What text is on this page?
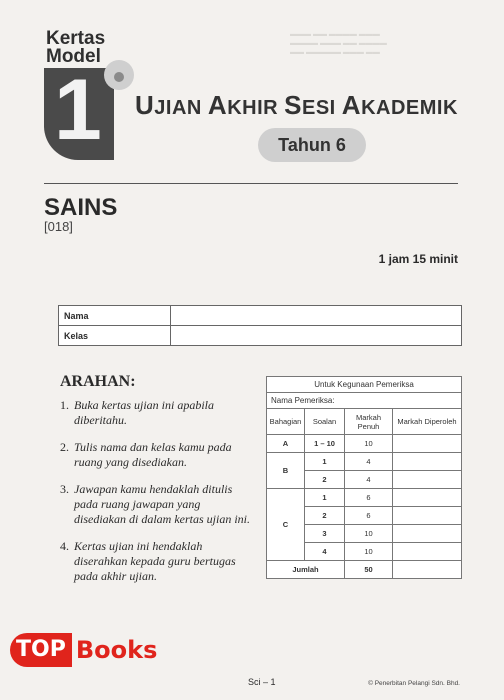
▬▬▬ ▬▬ ▬▬▬▬ ▬▬▬
▬▬▬▬ ▬▬▬ ▬▬ ▬▬▬▬
▬▬ ▬▬▬▬▬ ▬▬▬ ▬▬
Kertas
Model
1 UJIAN AKHIR SESI AKADEMIK
Tahun 6
SAINS
[018]
1 jam 15 minit
Nama	
Kelas	
ARAHAN:
1. Buka kertas ujian ini apabila diberitahu.
2. Tulis nama dan kelas kamu pada ruang yang disediakan.
3. Jawapan kamu hendaklah ditulis pada ruang jawapan yang disediakan di dalam kertas ujian ini.
4. Kertas ujian ini hendaklah diserahkan kepada guru bertugas pada akhir ujian.
Untuk Kegunaan Pemeriksa			
Nama Pemeriksa:			
Bahagian	Soalan	Markah Penuh	Markah Diperoleh
A	1 – 10	10	
B	1	4	
	2	4	
C	1	6	
	2	6	
	3	10	
	4	10	
Jumlah		50	
TOP Books
Sci – 1	© Penerbitan Pelangi Sdn. Bhd.
